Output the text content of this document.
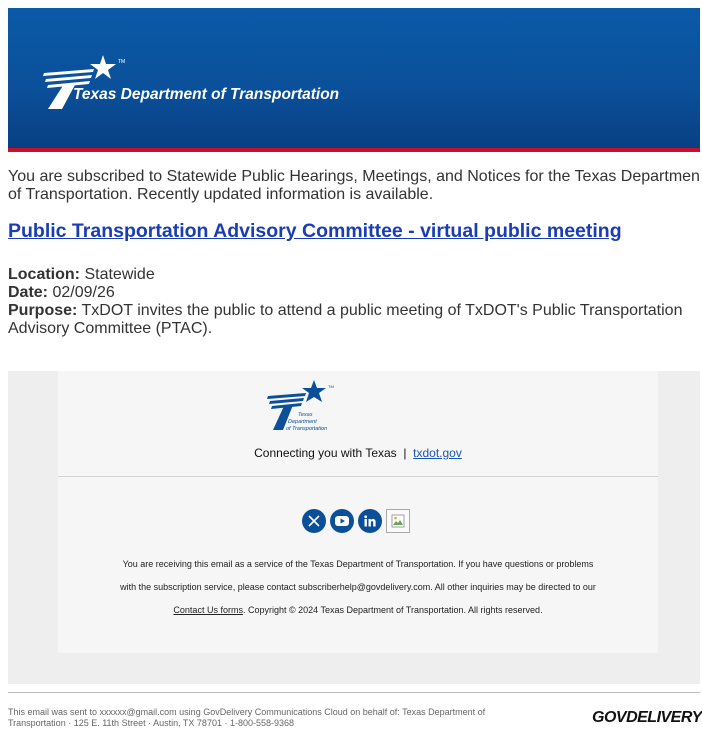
TM
Texas Department of Transportation
You are subscribed to Statewide Public Hearings, Meetings, and Notices for the Texas Departmen
of Transportation. Recently updated information is available.
Public Transportation Advisory Committee - virtual public meeting
Location: Statewide
Date: 02/09/26
Purpose: TxDOT invites the public to attend a public meeting of TxDOT's Public Transportation Advisory Committee (PTAC).
TM
Texas
Department
of Transportation
Connecting you with Texas | txdot.gov
You are receiving this email as a service of the Texas Department of Transportation. If you have questions or problems
with the subscription service, please contact subscriberhelp@govdelivery.com. All other inquiries may be directed to our
Contact Us forms. Copyright © 2024 Texas Department of Transportation. All rights reserved.
This email was sent to xxxxxx@gmail.com using GovDelivery Communications Cloud on behalf of: Texas Department of
Transportation · 125 E. 11th Street · Austin, TX 78701 · 1-800-558-9368	GOVDELIVERY
